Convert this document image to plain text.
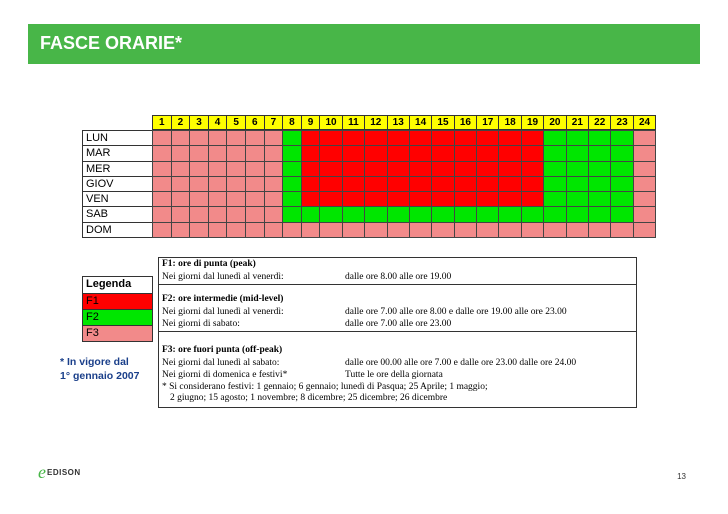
FASCE ORARIE*
1	2	3	4	5	6	7	8	9	10	11	12	13	14	15	16	17	18	19	20	21	22	23	24
LUN
MAR
MER
GIOV
VEN
SAB
DOM
Legenda
F1
F2
F3
* In vigore dal
1° gennaio 2007
F1: ore di punta (peak)
Nei giorni dal lunedì al venerdì:	dalle ore 8.00 alle ore 19.00
F2: ore intermedie (mid-level)
Nei giorni dal lunedì al venerdì:	dalle ore 7.00 alle ore 8.00 e dalle ore 19.00 alle ore 23.00
Nei giorni di sabato:	dalle ore 7.00 alle ore 23.00
F3: ore fuori punta (off-peak)
Nei giorni dal lunedì al sabato:	dalle ore 00.00 alle ore 7.00 e dalle ore 23.00 dalle ore 24.00
Nei giorni di domenica e festivi*	Tutte le ore della giornata
* Si considerano festivi: 1 gennaio; 6 gennaio; lunedì di Pasqua; 25 Aprile; 1 maggio;
2 giugno; 15 agosto; 1 novembre; 8 dicembre; 25 dicembre; 26 dicembre
e EDISON	13
